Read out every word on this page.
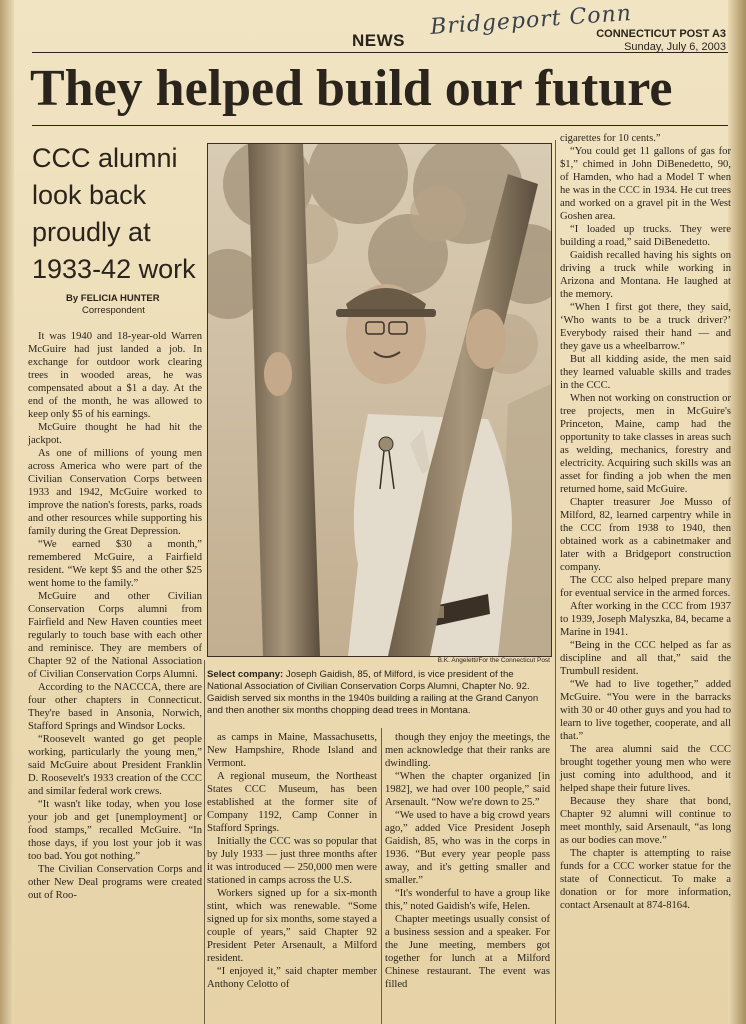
Bridgeport Conn
NEWS	CONNECTICUT POST A3
Sunday, July 6, 2003
They helped build our future
CCC alumni look back proudly at 1933-42 work
By FELICIA HUNTER
Correspondent

It was 1940 and 18-year-old Warren McGuire had just landed a job. In exchange for outdoor work clearing trees in wooded areas, he was compensated about a $1 a day. At the end of the month, he was allowed to keep only $5 of his earnings.

McGuire thought he had hit the jackpot.

As one of millions of young men across America who were part of the Civilian Conservation Corps between 1933 and 1942, McGuire worked to improve the nation's forests, parks, roads and other resources while supporting his family during the Great Depression.

“We earned $30 a month,” remembered McGuire, a Fairfield resident. “We kept $5 and the other $25 went home to the family.”

McGuire and other Civilian Conservation Corps alumni from Fairfield and New Haven counties meet regularly to touch base with each other and reminisce. They are members of Chapter 92 of the National Association of Civilian Conservation Corps Alumni.

According to the NACCCA, there are four other chapters in Connecticut. They're based in Ansonia, Norwich, Stafford Springs and Windsor Locks.

“Roosevelt wanted go get people working, particularly the young men,” said McGuire about President Franklin D. Roosevelt's 1933 creation of the CCC and similar federal work crews.

“It wasn't like today, when you lose your job and get [unemployment] or food stamps,” recalled McGuire. “In those days, if you lost your job it was too bad. You got nothing.”

The Civilian Conservation Corps and other New Deal programs were created out of Roo-

B.K. Angeletti/For the Connecticut Post
Select company: Joseph Gaidish, 85, of Milford, is vice president of the National Association of Civilian Conservation Corps Alumni, Chapter No. 92. Gaidish served six months in the 1940s building a railing at the Grand Canyon and then another six months chopping dead trees in Montana.

as camps in Maine, Massachusetts, New Hampshire, Rhode Island and Vermont.

A regional museum, the Northeast States CCC Museum, has been established at the former site of Company 1192, Camp Conner in Stafford Springs.

Initially the CCC was so popular that by July 1933 — just three months after it was introduced — 250,000 men were stationed in camps across the U.S.

Workers signed up for a six-month stint, which was renewable. “Some signed up for six months, some stayed a couple of years,” said Chapter 92 President Peter Arsenault, a Milford resident.

“I enjoyed it,” said chapter member Anthony Celotto of

though they enjoy the meetings, the men acknowledge that their ranks are dwindling.

“When the chapter organized [in 1982], we had over 100 people,” said Arsenault. “Now we're down to 25.”

“We used to have a big crowd years ago,” added Vice President Joseph Gaidish, 85, who was in the corps in 1936. “But every year people pass away, and it's getting smaller and smaller.”

“It's wonderful to have a group like this,” noted Gaidish's wife, Helen.

Chapter meetings usually consist of a business session and a speaker. For the June meeting, members got together for lunch at a Milford Chinese restaurant. The event was filled

cigarettes for 10 cents.”

“You could get 11 gallons of gas for $1,” chimed in John DiBenedetto, 90, of Hamden, who had a Model T when he was in the CCC in 1934. He cut trees and worked on a gravel pit in the West Goshen area.

“I loaded up trucks. They were building a road,” said DiBenedetto.

Gaidish recalled having his sights on driving a truck while working in Arizona and Montana. He laughed at the memory.

“When I first got there, they said, ‘Who wants to be a truck driver?’ Everybody raised their hand — and they gave us a wheelbarrow.”

But all kidding aside, the men said they learned valuable skills and trades in the CCC.

When not working on construction or tree projects, men in McGuire's Princeton, Maine, camp had the opportunity to take classes in areas such as welding, mechanics, forestry and electricity. Acquiring such skills was an asset for finding a job when the men returned home, said McGuire.

Chapter treasurer Joe Musso of Milford, 82, learned carpentry while in the CCC from 1938 to 1940, then obtained work as a cabinetmaker and later with a Bridgeport construction company.

The CCC also helped prepare many for eventual service in the armed forces.

After working in the CCC from 1937 to 1939, Joseph Malyszka, 84, became a Marine in 1941.

“Being in the CCC helped as far as discipline and all that,” said the Trumbull resident.

“We had to live together,” added McGuire. “You were in the barracks with 30 or 40 other guys and you had to learn to live together, cooperate, and all that.”

The area alumni said the CCC brought together young men who were just coming into adulthood, and it helped shape their future lives.

Because they share that bond, Chapter 92 alumni will continue to meet monthly, said Arsenault, “as long as our bodies can move.”

The chapter is attempting to raise funds for a CCC worker statue for the state of Connecticut. To make a donation or for more information, contact Arsenault at 874-8164.
